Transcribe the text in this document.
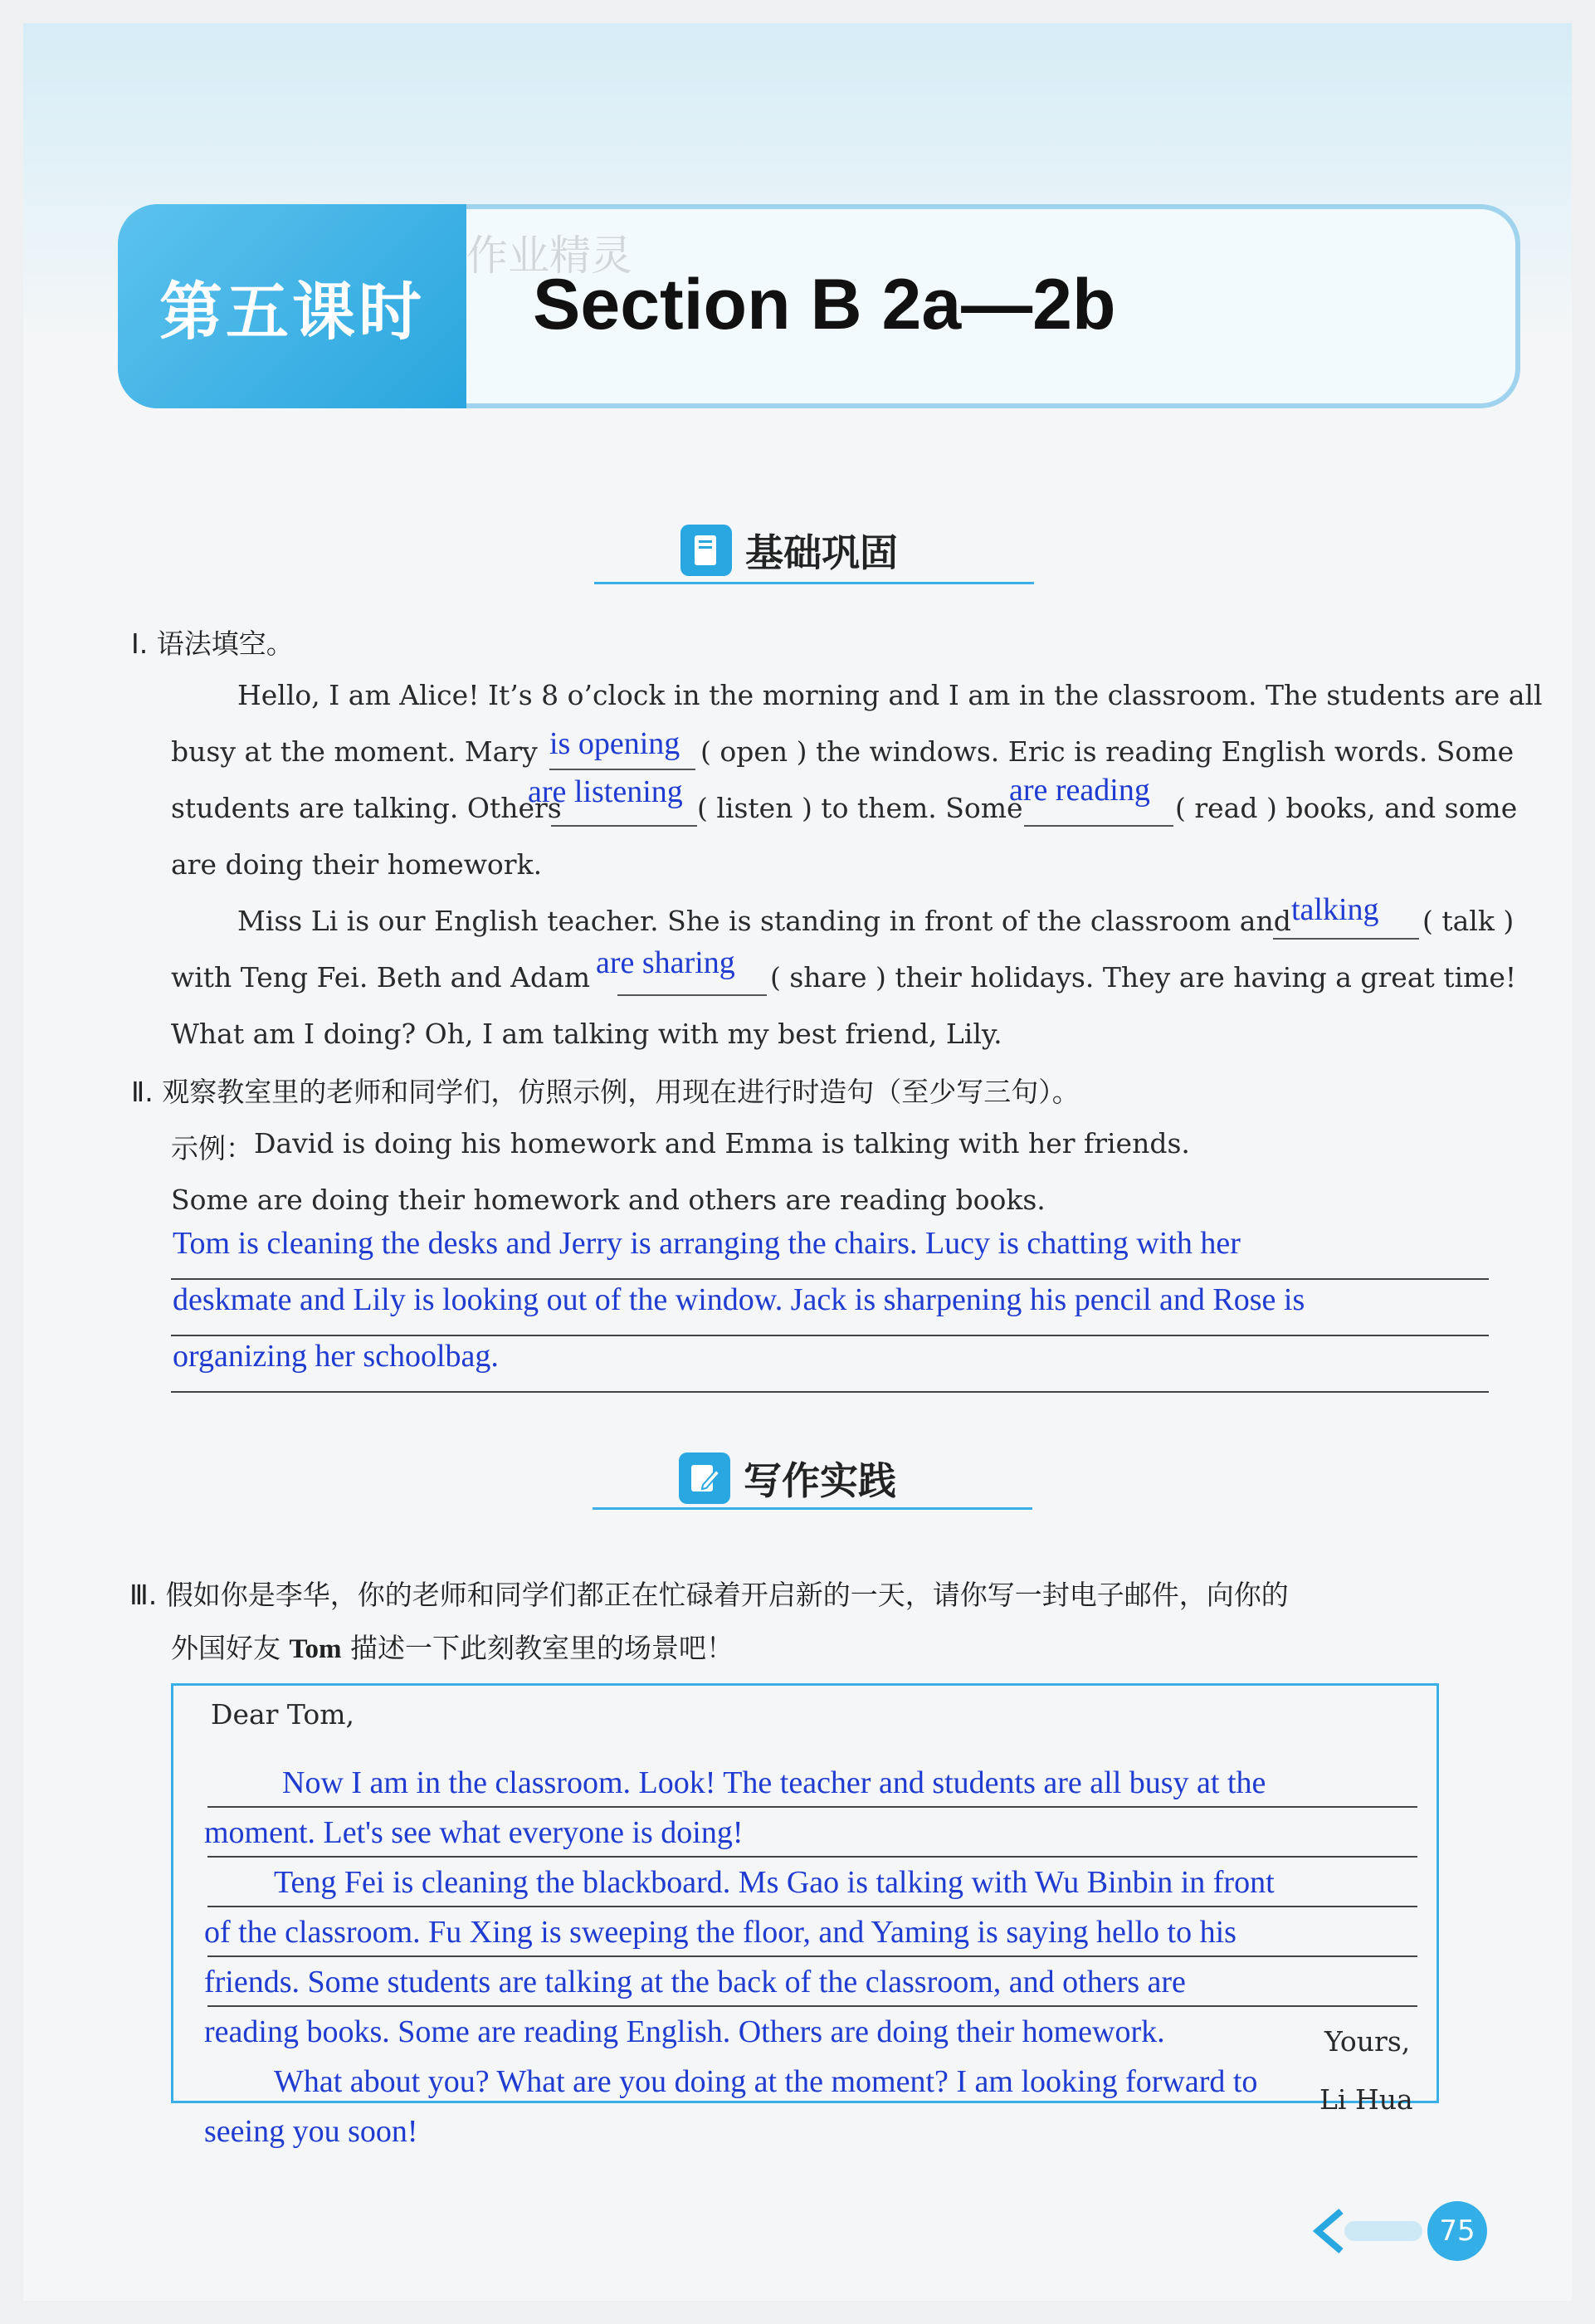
第五课时
作业精灵
Section B 2a—2b
基础巩固
Ⅰ. 语法填空。
Hello, I am Alice! It’s 8 o’clock in the morning and I am in the classroom. The students are all
busy at the moment. Mary is opening ( open ) the windows. Eric is reading English words. Some
students are talking. Others
are listening ( listen ) to them. Some
are reading
( read ) books, and some
are doing their homework.
Miss Li is our English teacher. She is standing in front of the classroom and talking ( talk )
with Teng Fei. Beth and Adam are sharing ( share ) their holidays. They are having a great time!
What am I doing? Oh, I am talking with my best friend, Lily.
Ⅱ. 观察教室里的老师和同学们，仿照示例，用现在进行时造句（至少写三句）。
示例： David is doing his homework and Emma is talking with her friends.
Some are doing their homework and others are reading books.
Tom is cleaning the desks and Jerry is arranging the chairs. Lucy is chatting with her
deskmate and Lily is looking out of the window. Jack is sharpening his pencil and Rose is
organizing her schoolbag.
写作实践
Ⅲ. 假如你是李华，你的老师和同学们都正在忙碌着开启新的一天，请你写一封电子邮件，向你的
外国好友 Tom 描述一下此刻教室里的场景吧！
Dear Tom,
Now I am in the classroom. Look! The teacher and students are all busy at the
moment. Let's see what everyone is doing!
Teng Fei is cleaning the blackboard. Ms Gao is talking with Wu Binbin in front
of the classroom. Fu Xing is sweeping the floor, and Yaming is saying hello to his
friends. Some students are talking at the back of the classroom, and others are
reading books. Some are reading English. Others are doing their homework.	Yours,
What about you? What are you doing at the moment? I am looking forward to
Li Hua
seeing you soon!
75
